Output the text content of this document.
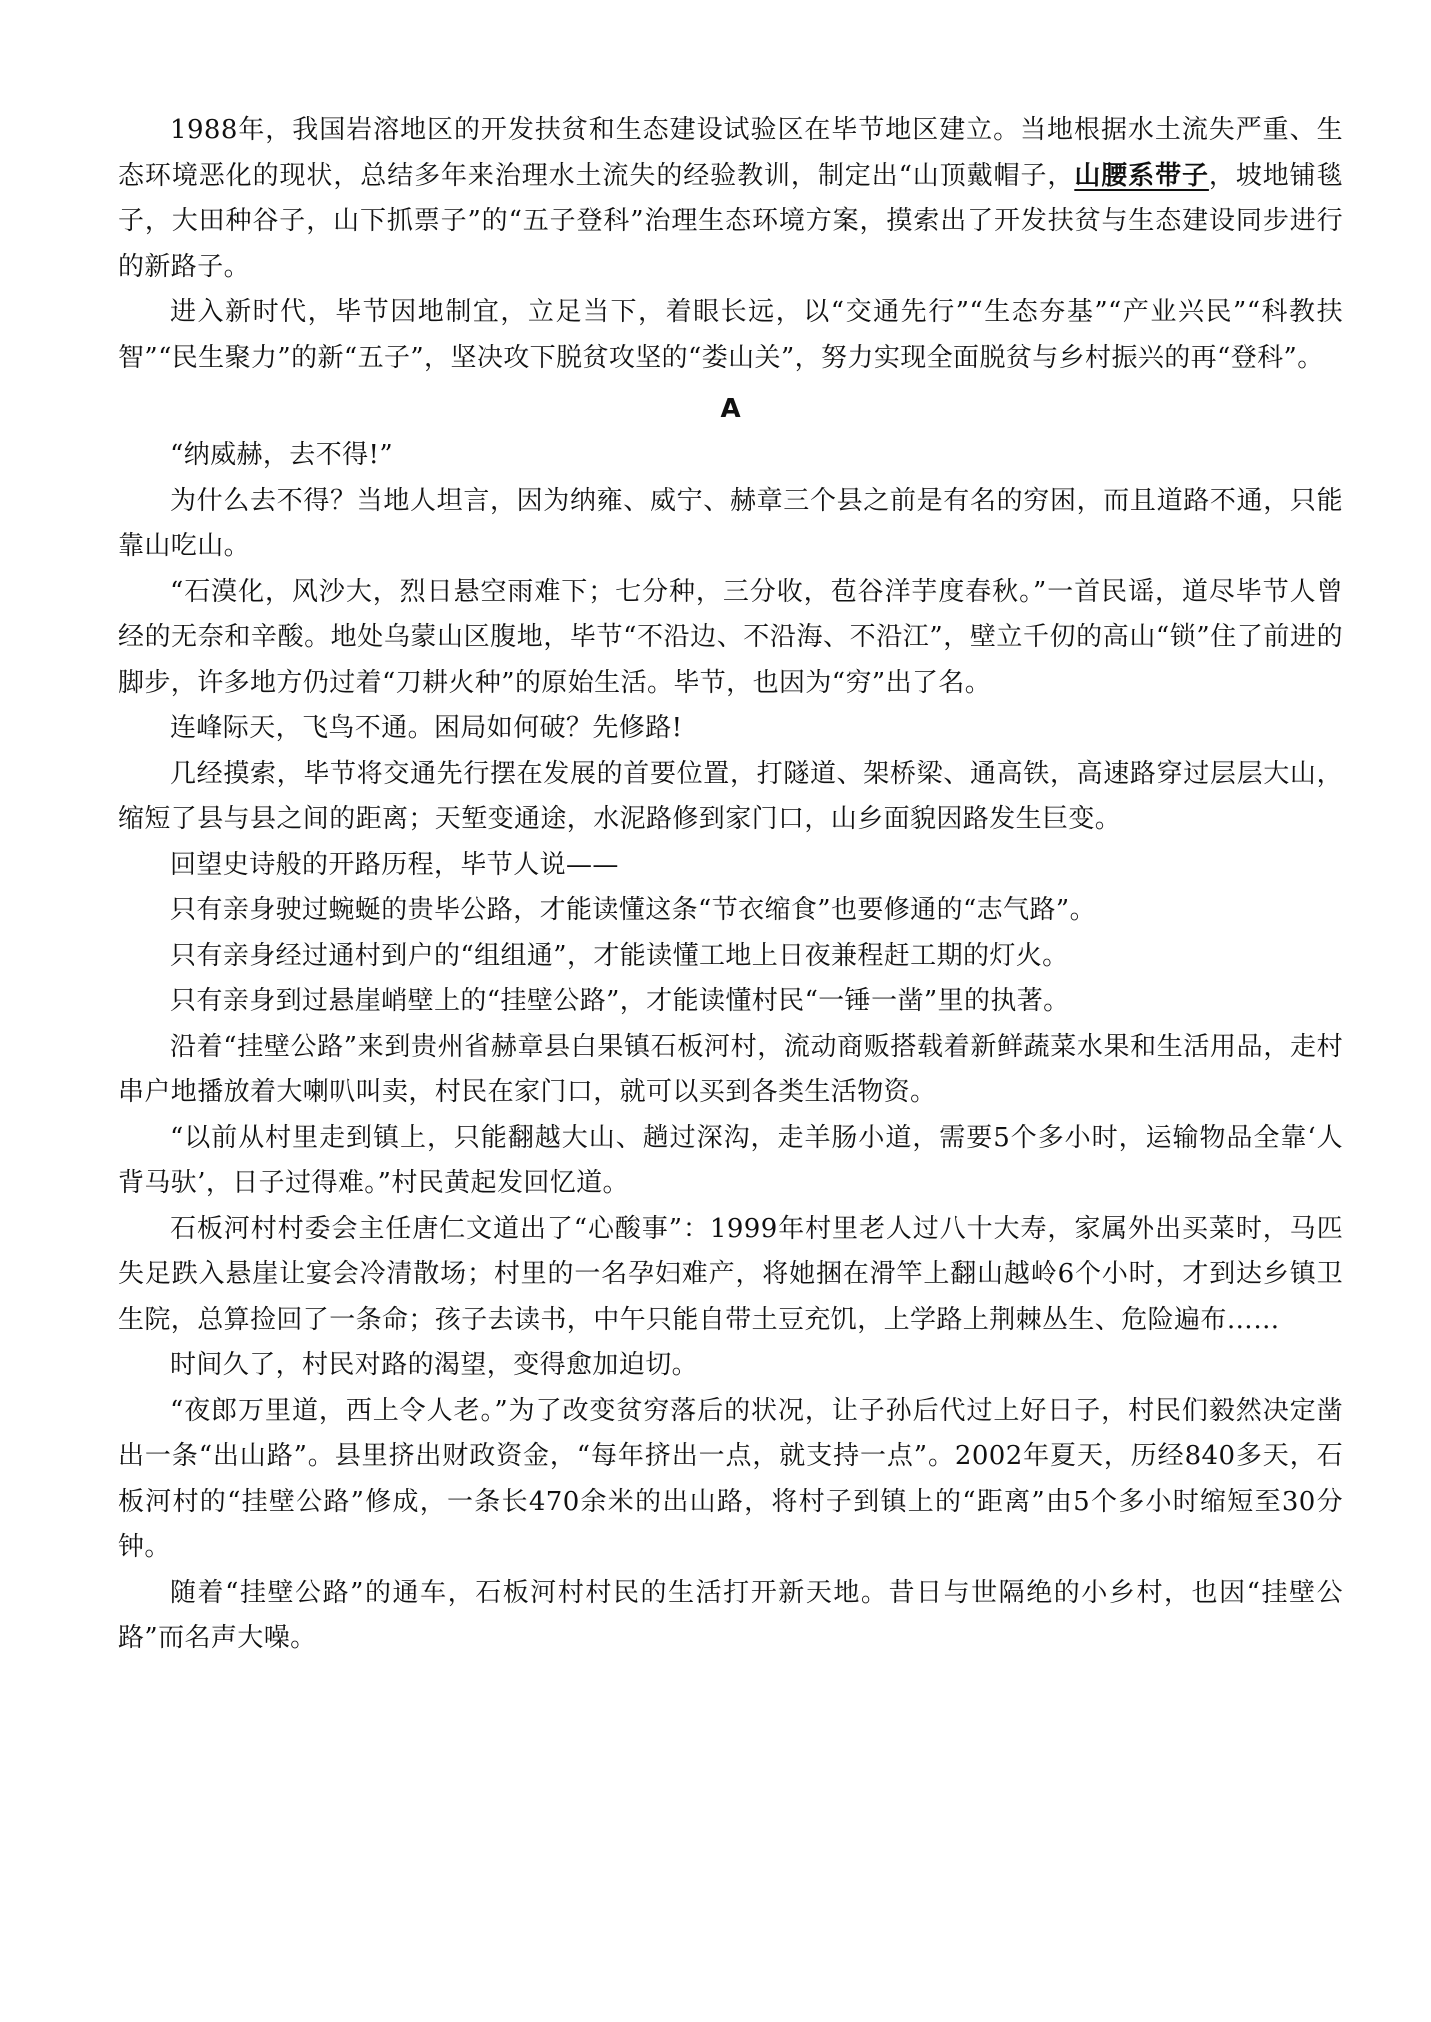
1988年，我国岩溶地区的开发扶贫和生态建设试验区在毕节地区建立。当地根据水土流失严重、生态环境恶化的现状，总结多年来治理水土流失的经验教训，制定出“山顶戴帽子，山腰系带子，坡地铺毯子，大田种谷子，山下抓票子”的“五子登科”治理生态环境方案，摸索出了开发扶贫与生态建设同步进行的新路子。

进入新时代，毕节因地制宜，立足当下，着眼长远，以“交通先行”“生态夯基”“产业兴民”“科教扶智”“民生聚力”的新“五子”，坚决攻下脱贫攻坚的“娄山关”，努力实现全面脱贫与乡村振兴的再“登科”。

A

“纳威赫，去不得!”

为什么去不得？当地人坦言，因为纳雍、威宁、赫章三个县之前是有名的穷困，而且道路不通，只能靠山吃山。

“石漠化，风沙大，烈日悬空雨难下；七分种，三分收，苞谷洋芋度春秋。”一首民谣，道尽毕节人曾经的无奈和辛酸。地处乌蒙山区腹地，毕节“不沿边、不沿海、不沿江”，壁立千仞的高山“锁”住了前进的脚步，许多地方仍过着“刀耕火种”的原始生活。毕节，也因为“穷”出了名。

连峰际天，飞鸟不通。困局如何破？先修路!

几经摸索，毕节将交通先行摆在发展的首要位置，打隧道、架桥梁、通高铁，高速路穿过层层大山，缩短了县与县之间的距离；天堑变通途，水泥路修到家门口，山乡面貌因路发生巨变。

回望史诗般的开路历程，毕节人说——

只有亲身驶过蜿蜒的贵毕公路，才能读懂这条“节衣缩食”也要修通的“志气路”。

只有亲身经过通村到户的“组组通”，才能读懂工地上日夜兼程赶工期的灯火。

只有亲身到过悬崖峭壁上的“挂壁公路”，才能读懂村民“一锤一凿”里的执著。

沿着“挂壁公路”来到贵州省赫章县白果镇石板河村，流动商贩搭载着新鲜蔬菜水果和生活用品，走村串户地播放着大喇叭叫卖，村民在家门口，就可以买到各类生活物资。

“以前从村里走到镇上，只能翻越大山、趟过深沟，走羊肠小道，需要5个多小时，运输物品全靠‘人背马驮’，日子过得难。”村民黄起发回忆道。

石板河村村委会主任唐仁文道出了“心酸事”：1999年村里老人过八十大寿，家属外出买菜时，马匹失足跌入悬崖让宴会冷清散场；村里的一名孕妇难产，将她捆在滑竿上翻山越岭6个小时，才到达乡镇卫生院，总算捡回了一条命；孩子去读书，中午只能自带土豆充饥，上学路上荆棘丛生、危险遍布……

时间久了，村民对路的渴望，变得愈加迫切。

“夜郎万里道，西上令人老。”为了改变贫穷落后的状况，让子孙后代过上好日子，村民们毅然决定凿出一条“出山路”。县里挤出财政资金，“每年挤出一点，就支持一点”。2002年夏天，历经840多天，石板河村的“挂壁公路”修成，一条长470余米的出山路，将村子到镇上的“距离”由5个多小时缩短至30分钟。

随着“挂壁公路”的通车，石板河村村民的生活打开新天地。昔日与世隔绝的小乡村，也因“挂壁公路”而名声大噪。
